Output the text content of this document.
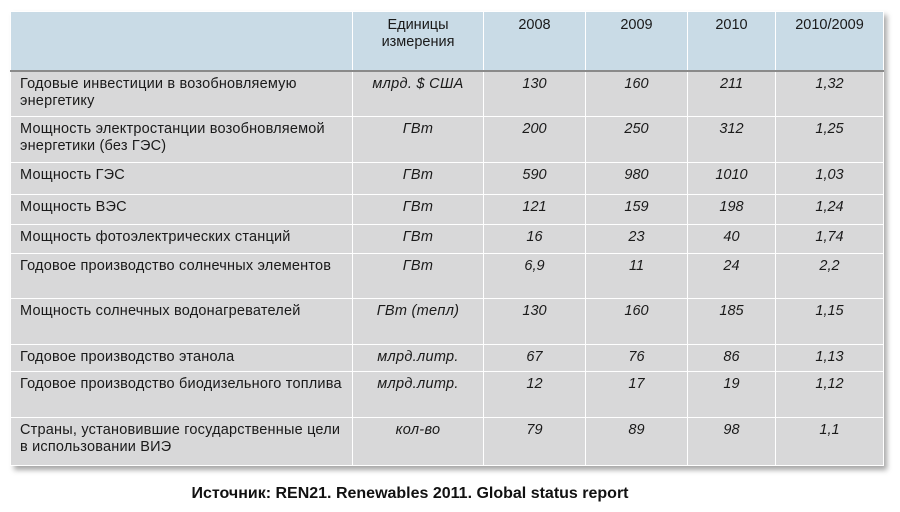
	Единицы измерения	2008	2009	2010	2010/2009
Годовые инвестиции в возобновляемую энергетику	млрд. $ США	130	160	211	1,32
Мощность электростанции возобновляемой энергетики (без ГЭС)	ГВт	200	250	312	1,25
Мощность ГЭС	ГВт	590	980	1010	1,03
Мощность ВЭС	ГВт	121	159	198	1,24
Мощность фотоэлектрических станций	ГВт	16	23	40	1,74
Годовое производство солнечных элементов	ГВт	6,9	11	24	2,2
Мощность солнечных водонагревателей	ГВт (тепл)	130	160	185	1,15
Годовое производство этанола	млрд.литр.	67	76	86	1,13
Годовое производство биодизельного топлива	млрд.литр.	12	17	19	1,12
Страны, установившие государственные цели в использовании ВИЭ	кол-во	79	89	98	1,1
Источник: REN21. Renewables 2011. Global status report
